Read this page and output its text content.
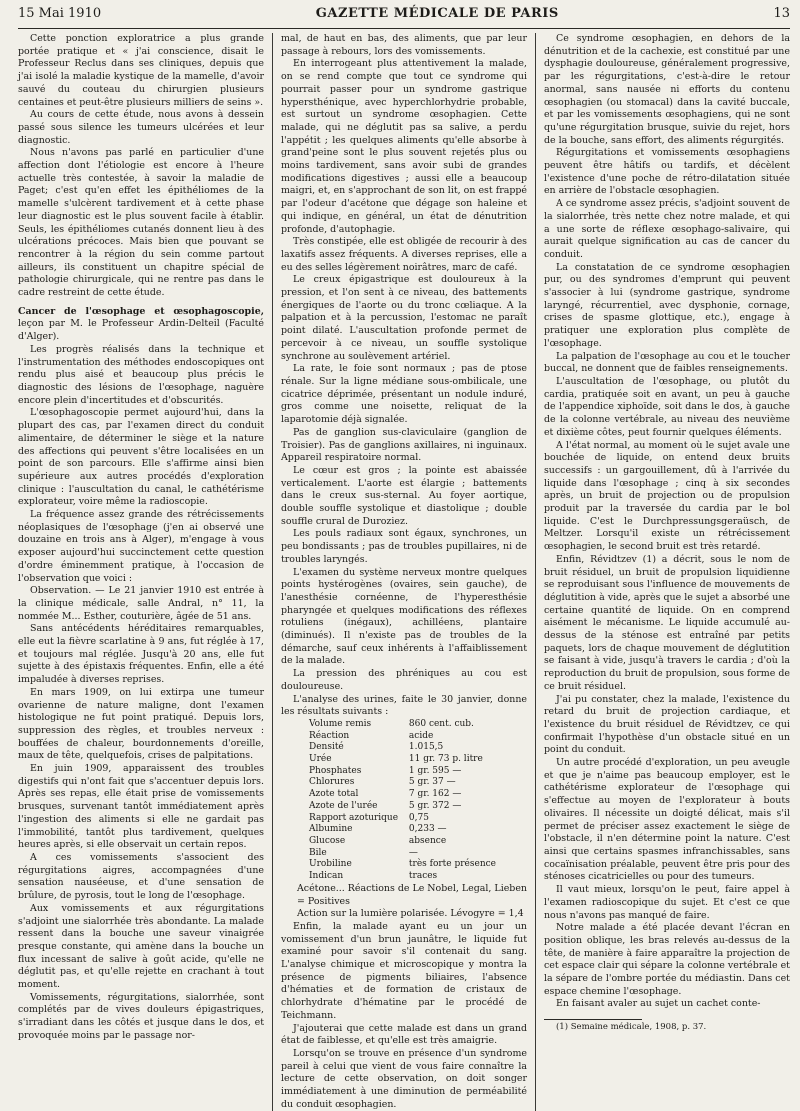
15 Mai 1910	GAZETTE MÉDICALE DE PARIS	13

Cette ponction exploratrice a plus grande portée pratique et « j'ai conscience, disait le Professeur Reclus dans ses cliniques, depuis que j'ai isolé la maladie kystique de la mamelle, d'avoir sauvé du couteau du chirurgien plusieurs centaines et peut-être plusieurs milliers de seins ».

Au cours de cette étude, nous avons à dessein passé sous silence les tumeurs ulcérées et leur diagnostic.

Nous n'avons pas parlé en particulier d'une affection dont l'étiologie est encore à l'heure actuelle très contestée, à savoir la maladie de Paget; c'est qu'en effet les épithéliomes de la mamelle s'ulcèrent tardivement et à cette phase leur diagnostic est le plus souvent facile à établir. Seuls, les épithéliomes cutanés donnent lieu à des ulcérations précoces. Mais bien que pouvant se rencontrer à la région du sein comme partout ailleurs, ils constituent un chapitre spécial de pathologie chirurgicale, qui ne rentre pas dans le cadre restreint de cette étude.

Cancer de l'œsophage et œsophagoscopie, leçon par M. le Professeur Ardin-Delteil (Faculté d'Alger).

Les progrès réalisés dans la technique et l'instrumentation des méthodes endoscopiques ont rendu plus aisé et beaucoup plus précis le diagnostic des lésions de l'œsophage, naguère encore plein d'incertitudes et d'obscurités.

L'œsophagoscopie permet aujourd'hui, dans la plupart des cas, par l'examen direct du conduit alimentaire, de déterminer le siège et la nature des affections qui peuvent s'être localisées en un point de son parcours. Elle s'affirme ainsi bien supérieure aux autres procédés d'exploration clinique : l'auscultation du canal, le cathétérisme explorateur, voire même la radioscopie.

La fréquence assez grande des rétrécissements néoplasiques de l'œsophage (j'en ai observé une douzaine en trois ans à Alger), m'engage à vous exposer aujourd'hui succinctement cette question d'ordre éminemment pratique, à l'occasion de l'observation que voici :

Observation. — Le 21 janvier 1910 est entrée à la clinique médicale, salle Andral, n° 11, la nommée M... Esther, couturière, âgée de 51 ans.

Sans antécédents héréditaires remarquables, elle eut la fièvre scarlatine à 9 ans, fut réglée à 17, et toujours mal réglée. Jusqu'à 20 ans, elle fut sujette à des épistaxis fréquentes. Enfin, elle a été impaludée à diverses reprises.

En mars 1909, on lui extirpa une tumeur ovarienne de nature maligne, dont l'examen histologique ne fut point pratiqué. Depuis lors, suppression des règles, et troubles nerveux : bouffées de chaleur, bourdonnements d'oreille, maux de tête, quelquefois, crises de palpitations.

En juin 1909, apparaissent des troubles digestifs qui n'ont fait que s'accentuer depuis lors. Après ses repas, elle était prise de vomissements brusques, survenant tantôt immédiatement après l'ingestion des aliments si elle ne gardait pas l'immobilité, tantôt plus tardivement, quelques heures après, si elle observait un certain repos.

A ces vomissements s'associent des régurgitations aigres, accompagnées d'une sensation nauséeuse, et d'une sensation de brûlure, de pyrosis, tout le long de l'œsophage.

Aux vomissements et aux régurgitations s'adjoint une sialorrhée très abondante. La malade ressent dans la bouche une saveur vinaigrée presque constante, qui amène dans la bouche un flux incessant de salive à goût acide, qu'elle ne déglutit pas, et qu'elle rejette en crachant à tout moment.

Vomissements, régurgitations, sialorrhée, sont complétés par de vives douleurs épigastriques, s'irradiant dans les côtés et jusque dans le dos, et provoquée moins par le passage nor-

mal, de haut en bas, des aliments, que par leur passage à rebours, lors des vomissements.

En interrogeant plus attentivement la malade, on se rend compte que tout ce syndrome qui pourrait passer pour un syndrome gastrique hypersthénique, avec hyperchlorhydrie probable, est surtout un syndrome œsophagien. Cette malade, qui ne déglutit pas sa salive, a perdu l'appétit ; les quelques aliments qu'elle absorbe à grand'peine sont le plus souvent rejetés plus ou moins tardivement, sans avoir subi de grandes modifications digestives ; aussi elle a beaucoup maigri, et, en s'approchant de son lit, on est frappé par l'odeur d'acétone que dégage son haleine et qui indique, en général, un état de dénutrition profonde, d'autophagie.

Très constipée, elle est obligée de recourir à des laxatifs assez fréquents. A diverses reprises, elle a eu des selles légèrement noirâtres, marc de café.

Le creux épigastrique est douloureux à la pression, et l'on sent à ce niveau, des battements énergiques de l'aorte ou du tronc cœliaque. A la palpation et à la percussion, l'estomac ne paraît point dilaté. L'auscultation profonde permet de percevoir à ce niveau, un souffle systolique synchrone au soulèvement artériel.

La rate, le foie sont normaux ; pas de ptose rénale. Sur la ligne médiane sous-ombilicale, une cicatrice déprimée, présentant un nodule induré, gros comme une noisette, reliquat de la laparotomie déjà signalée.

Pas de ganglion sus-claviculaire (ganglion de Troisier). Pas de ganglions axillaires, ni inguinaux. Appareil respiratoire normal.

Le cœur est gros ; la pointe est abaissée verticalement. L'aorte est élargie ; battements dans le creux sus-sternal. Au foyer aortique, double souffle systolique et diastolique ; double souffle crural de Duroziez.

Les pouls radiaux sont égaux, synchrones, un peu bondissants ; pas de troubles pupillaires, ni de troubles laryngés.

L'examen du système nerveux montre quelques points hystérogènes (ovaires, sein gauche), de l'anesthésie cornéenne, de l'hyperesthésie pharyngée et quelques modifications des réflexes rotuliens (inégaux), achilléens, plantaire (diminués). Il n'existe pas de troubles de la démarche, sauf ceux inhérents à l'affaiblissement de la malade.

La pression des phréniques au cou est douloureuse.

L'analyse des urines, faite le 30 janvier, donne les résultats suivants :

Volume remis	860 cent. cub.
Réaction	acide
Densité	1.015,5
Urée	11 gr. 73 p. litre
Phosphates	1 gr. 595 —
Chlorures	5 gr. 37 —
Azote total	7 gr. 162 —
Azote de l'urée	5 gr. 372 —
Rapport azoturique	0,75
Albumine	0,233 —
Glucose	absence
Bile	—
Urobiline	très forte présence
Indican	traces

Acétone... Réactions de Le Nobel, Legal, Lieben = Positives

Action sur la lumière polarisée. Lévogyre = 1,4

Enfin, la malade ayant eu un jour un vomissement d'un brun jaunâtre, le liquide fut examiné pour savoir s'il contenait du sang. L'analyse chimique et microscopique y montra la présence de pigments biliaires, l'absence d'hématies et de formation de cristaux de chlorhydrate d'hématine par le procédé de Teichmann.

J'ajouterai que cette malade est dans un grand état de faiblesse, et qu'elle est très amaigrie.

Lorsqu'on se trouve en présence d'un syndrome pareil à celui que vient de vous faire connaître la lecture de cette observation, on doit songer immédiatement à une diminution de perméabilité du conduit œsophagien.

Ce syndrome œsophagien, en dehors de la dénutrition et de la cachexie, est constitué par une dysphagie douloureuse, généralement progressive, par les régurgitations, c'est-à-dire le retour anormal, sans nausée ni efforts du contenu œsophagien (ou stomacal) dans la cavité buccale, et par les vomissements œsophagiens, qui ne sont qu'une régurgitation brusque, suivie du rejet, hors de la bouche, sans effort, des aliments régurgités.

Régurgitations et vomissements œsophagiens peuvent être hâtifs ou tardifs, et décèlent l'existence d'une poche de rétro-dilatation située en arrière de l'obstacle œsophagien.

A ce syndrome assez précis, s'adjoint souvent de la sialorrhée, très nette chez notre malade, et qui a une sorte de réflexe œsophago-salivaire, qui aurait quelque signification au cas de cancer du conduit.

La constatation de ce syndrome œsophagien pur, ou des syndromes d'emprunt qui peuvent s'associer à lui (syndrome gastrique, syndrome laryngé, récurrentiel, avec dysphonie, cornage, crises de spasme glottique, etc.), engage à pratiquer une exploration plus complète de l'œsophage.

La palpation de l'œsophage au cou et le toucher buccal, ne donnent que de faibles renseignements.

L'auscultation de l'œsophage, ou plutôt du cardia, pratiquée soit en avant, un peu à gauche de l'appendice xiphoïde, soit dans le dos, à gauche de la colonne vertébrale, au niveau des neuvième et dixième côtes, peut fournir quelques éléments.

A l'état normal, au moment où le sujet avale une bouchée de liquide, on entend deux bruits successifs : un gargouillement, dû à l'arrivée du liquide dans l'œsophage ; cinq à six secondes après, un bruit de projection ou de propulsion produit par la traversée du cardia par le bol liquide. C'est le Durchpressungsgeraüsch, de Meltzer. Lorsqu'il existe un rétrécissement œsophagien, le second bruit est très retardé.

Enfin, Révidtzev (1) a décrit, sous le nom de bruit résiduel, un bruit de propulsion liquidienne se reproduisant sous l'influence de mouvements de déglutition à vide, après que le sujet a absorbé une certaine quantité de liquide. On en comprend aisément le mécanisme. Le liquide accumulé au-dessus de la sténose est entraîné par petits paquets, lors de chaque mouvement de déglutition se faisant à vide, jusqu'à travers le cardia ; d'où la reproduction du bruit de propulsion, sous forme de ce bruit résiduel.

J'ai pu constater, chez la malade, l'existence du retard du bruit de projection cardiaque, et l'existence du bruit résiduel de Révidtzev, ce qui confirmait l'hypothèse d'un obstacle situé en un point du conduit.

Un autre procédé d'exploration, un peu aveugle et que je n'aime pas beaucoup employer, est le cathétérisme explorateur de l'œsophage qui s'effectue au moyen de l'explorateur à bouts olivaires. Il nécessite un doigté délicat, mais s'il permet de préciser assez exactement le siège de l'obstacle, il n'en détermine point la nature. C'est ainsi que certains spasmes infranchissables, sans cocaïnisation préalable, peuvent être pris pour des sténoses cicatricielles ou pour des tumeurs.

Il vaut mieux, lorsqu'on le peut, faire appel à l'examen radioscopique du sujet. Et c'est ce que nous n'avons pas manqué de faire.

Notre malade a été placée devant l'écran en position oblique, les bras relevés au-dessus de la tête, de manière à faire apparaître la projection de cet espace clair qui sépare la colonne vertébrale et la sépare de l'ombre portée du médiastin. Dans cet espace chemine l'œsophage.

En faisant avaler au sujet un cachet conte-

(1) Semaine médicale, 1908, p. 37.
